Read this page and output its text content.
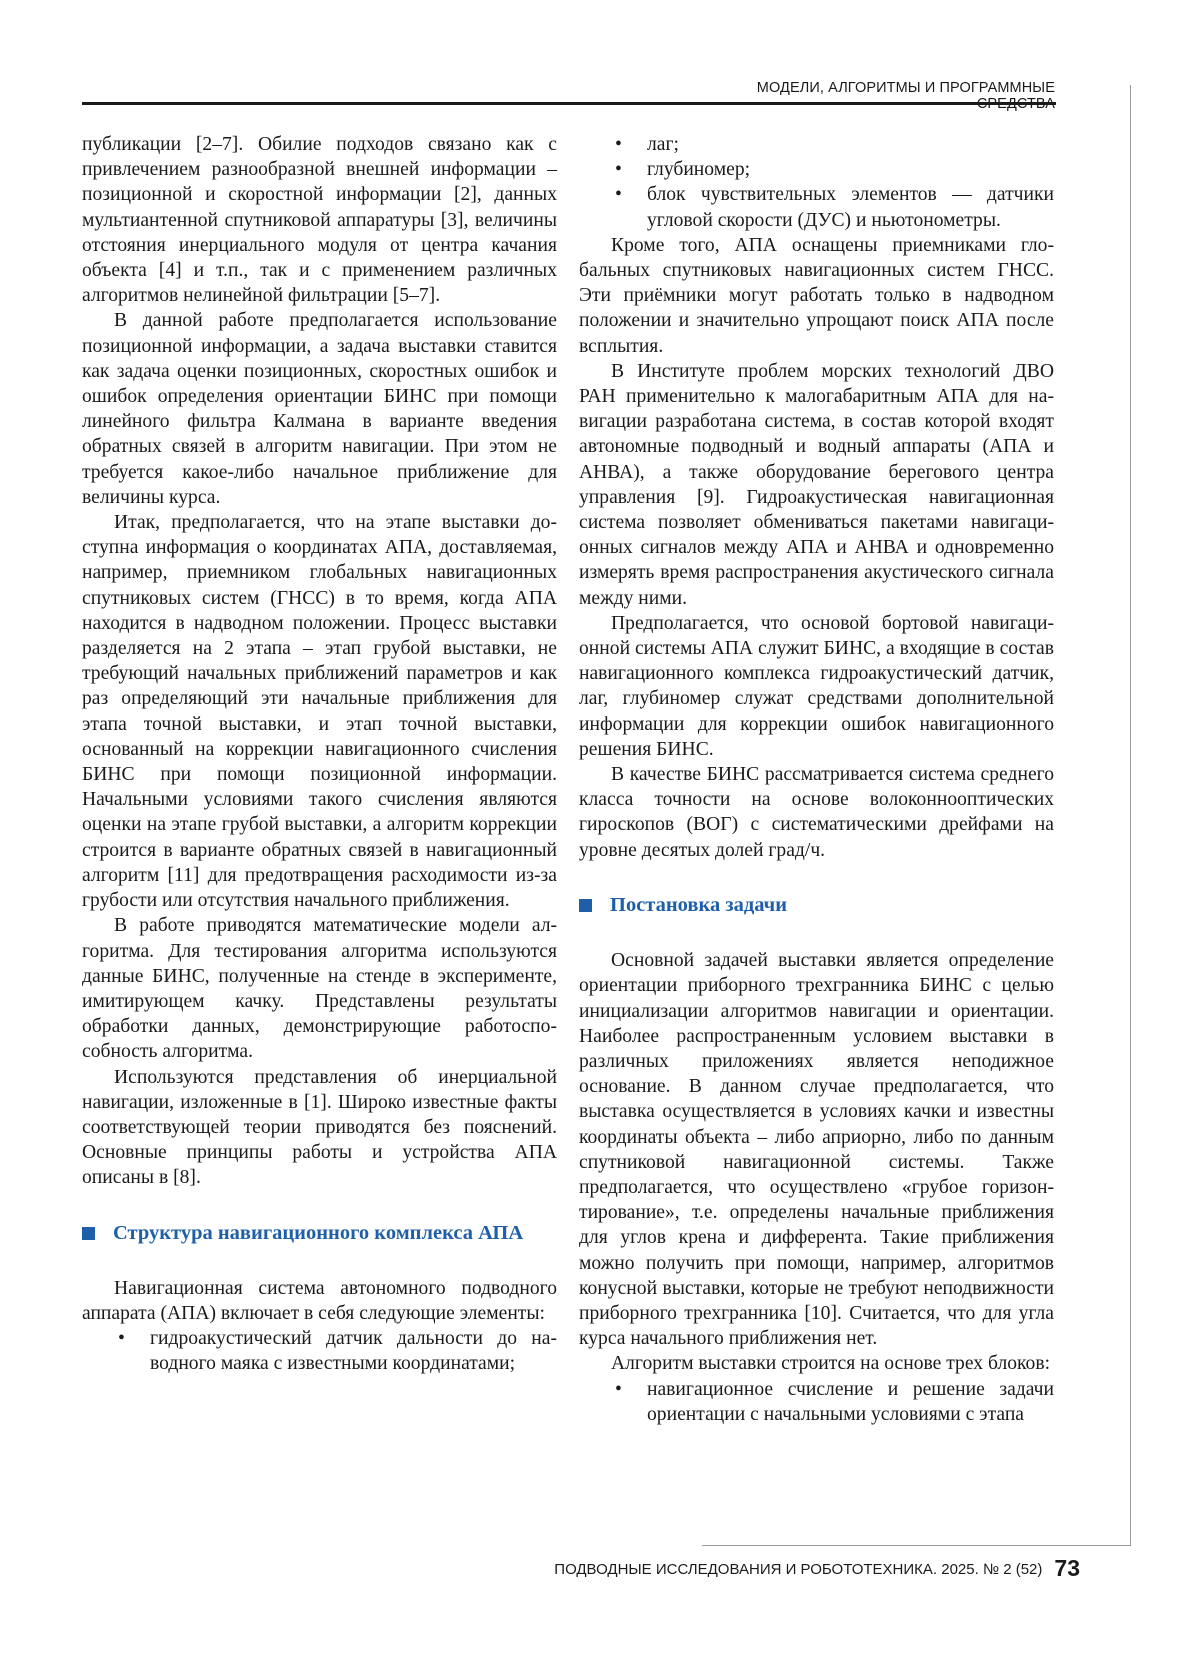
МОДЕЛИ, АЛГОРИТМЫ И ПРОГРАММНЫЕ

публикации [2–7]. Обилие подходов связано как с привлечением разнообразной внешней информа­ции – позиционной и скоростной информации [2], данных мультиантенной спутниковой аппаратуры [3], величины отстояния инерциального модуля от центра качания объекта [4] и т.п., так и с примене­нием различных алгоритмов нелинейной фильтрации [5–7].

В данной работе предполагается использование позиционной информации, а задача выставки ста­вится как задача оценки позиционных, скоростных ошибок и ошибок определения ориентации БИНС при помощи линейного фильтра Калмана в вариан­те введения обратных связей в алгоритм навигации. При этом не требуется какое-либо начальное прибли­жение для величины курса.

Итак, предполагается, что на этапе выставки до­ступна информация о координатах АПА, доставляе­мая, например, приемником глобальных навигацион­ных спутниковых систем (ГНСС) в то время, когда АПА находится в надводном положении. Процесс выставки разделяется на 2 этапа – этап грубой вы­ставки, не требующий начальных приближений пара­метров и как раз определяющий эти начальные при­ближения для этапа точной выставки, и этап точной выставки, основанный на коррекции навигационного счисления БИНС при помощи позиционной инфор­мации. Начальными условиями такого счисления яв­ляются оценки на этапе грубой выставки, а алгоритм коррекции строится в варианте обратных связей в на­вигационный алгоритм [11] для предотвращения рас­ходимости из-за грубости или отсутствия начального приближения.

В работе приводятся математические модели ал­горитма. Для тестирования алгоритма используются данные БИНС, полученные на стенде в эксперимен­те, имитирующем качку. Представлены результаты обработки данных, демонстрирующие работоспо­собность алгоритма.

Используются представления об инерциальной навигации, изложенные в [1]. Широко известные факты соответствующей теории приводятся без по­яснений. Основные принципы работы и устройства АПА описаны в [8].

Структура навигационного комплекса АПА

Навигационная система автономного подводного аппарата (АПА) включает в себя следующие элемен­ты:

• гидроакустический датчик дальности до на­водного маяка с известными координатами;
• лаг;
• глубиномер;
• блок чувствительных элементов — датчики угловой скорости (ДУС) и ньютонометры.

Кроме того, АПА оснащены приемниками гло­бальных спутниковых навигационных систем ГНСС. Эти приёмники могут работать только в надводном положении и значительно упрощают поиск АПА по­сле всплытия.

В Институте проблем морских технологий ДВО РАН применительно к малогабаритным АПА для на­вигации разработана система, в состав которой вхо­дят автономные подводный и водный аппараты (АПА и АНВА), а также оборудование берегового центра управления [9]. Гидроакустическая навигационная система позволяет обмениваться пакетами навигаци­онных сигналов между АПА и АНВА и одновремен­но измерять время распространения акустического сигнала между ними.

Предполагается, что основой бортовой навигаци­онной системы АПА служит БИНС, а входящие в со­став навигационного комплекса гидроакустический датчик, лаг, глубиномер служат средствами дополни­тельной информации для коррекции ошибок навига­ционного решения БИНС.

В качестве БИНС рассматривается система сред­него класса точности на основе волоконнооптиче­ских гироскопов (ВОГ) с систематическими дрейфа­ми на уровне десятых долей град/ч.

Постановка задачи

Основной задачей выставки является определе­ние ориентации приборного трехгранника БИНС с целью инициализации алгоритмов навигации и ори­ентации. Наиболее распространенным условием вы­ставки в различных приложениях является неподиж­ное основание. В данном случае предполагается, что выставка осуществляется в условиях качки и извест­ны координаты объекта – либо априорно, либо по данным спутниковой навигационной системы. Также предполагается, что осуществлено «грубое горизон­тирование», т.е. определены начальные приближения для углов крена и дифферента. Такие приближения можно получить при помощи, например, алгоритмов конусной выставки, которые не требуют неподвиж­ности приборного трехгранника [10]. Считается, что для угла курса начального приближения нет.

Алгоритм выставки строится на основе трех бло­ков:

• навигационное счисление и решение задачи ориентации с начальными условиями с этапа
ПОДВОДНЫЕ ИССЛЕДОВАНИЯ И РОБОТОТЕХНИКА. 2025. № 2 (52) 73
